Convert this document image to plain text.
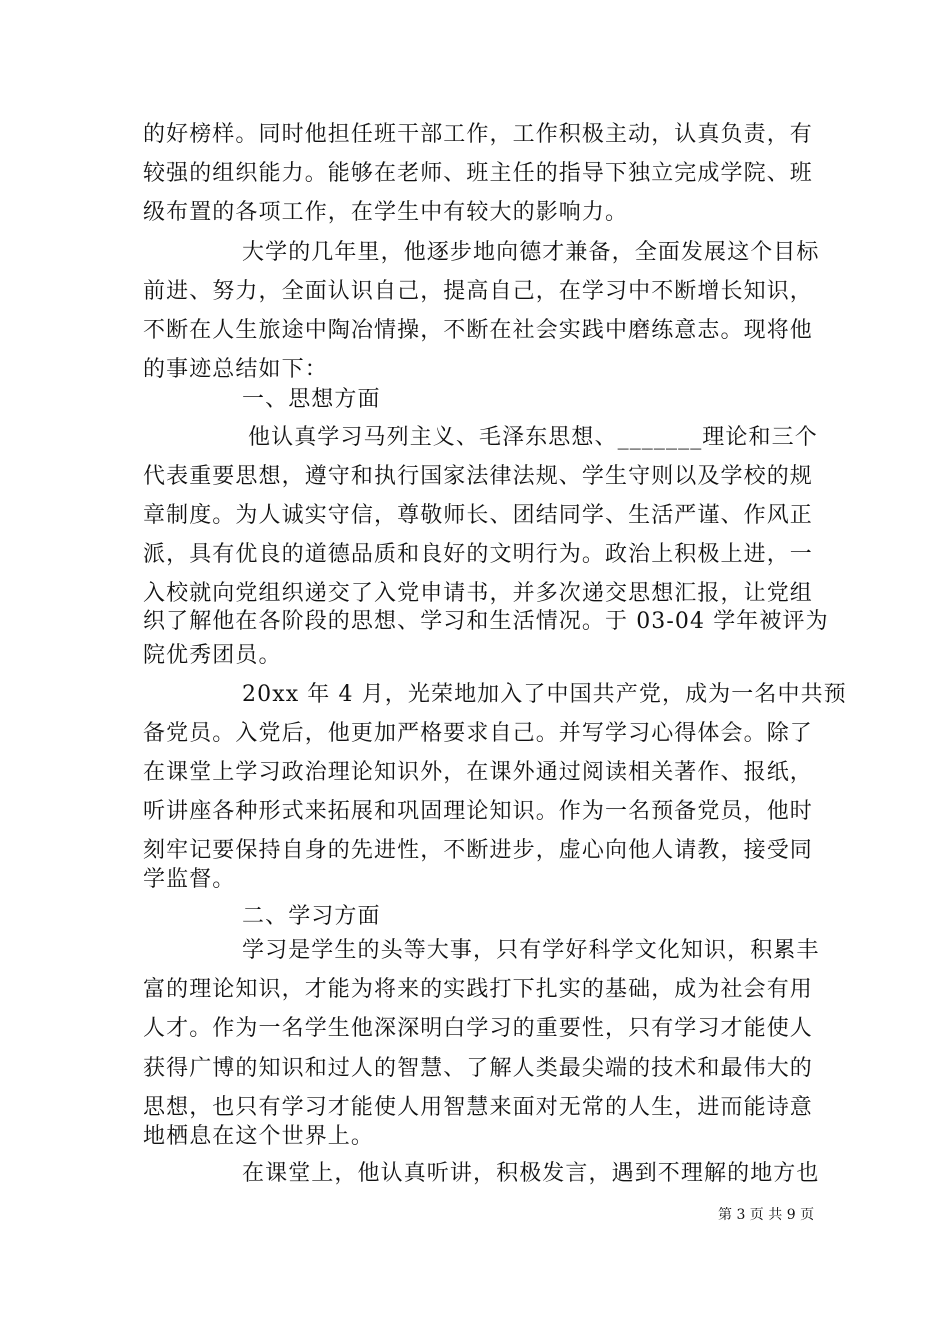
的好榜样。同时他担任班干部工作，工作积极主动，认真负责，有
较强的组织能力。能够在老师、班主任的指导下独立完成学院、班
级布置的各项工作，在学生中有较大的影响力。
大学的几年里，他逐步地向德才兼备，全面发展这个目标
前进、努力，全面认识自己，提高自己，在学习中不断增长知识，
不断在人生旅途中陶冶情操，不断在社会实践中磨练意志。现将他
的事迹总结如下：
一、思想方面
他认真学习马列主义、毛泽东思想、_______理论和三个
代表重要思想，遵守和执行国家法律法规、学生守则以及学校的规
章制度。为人诚实守信，尊敬师长、团结同学、生活严谨、作风正
派，具有优良的道德品质和良好的文明行为。政治上积极上进，一
入校就向党组织递交了入党申请书，并多次递交思想汇报，让党组
织了解他在各阶段的思想、学习和生活情况。于 03-04 学年被评为
院优秀团员。
20xx 年 4 月，光荣地加入了中国共产党，成为一名中共预
备党员。入党后，他更加严格要求自己。并写学习心得体会。除了
在课堂上学习政治理论知识外，在课外通过阅读相关著作、报纸，
听讲座各种形式来拓展和巩固理论知识。作为一名预备党员，他时
刻牢记要保持自身的先进性，不断进步，虚心向他人请教，接受同
学监督。
二、学习方面
学习是学生的头等大事，只有学好科学文化知识，积累丰
富的理论知识，才能为将来的实践打下扎实的基础，成为社会有用
人才。作为一名学生他深深明白学习的重要性，只有学习才能使人
获得广博的知识和过人的智慧、了解人类最尖端的技术和最伟大的
思想，也只有学习才能使人用智慧来面对无常的人生，进而能诗意
地栖息在这个世界上。
在课堂上，他认真听讲，积极发言，遇到不理解的地方也
第 3 页 共 9 页
